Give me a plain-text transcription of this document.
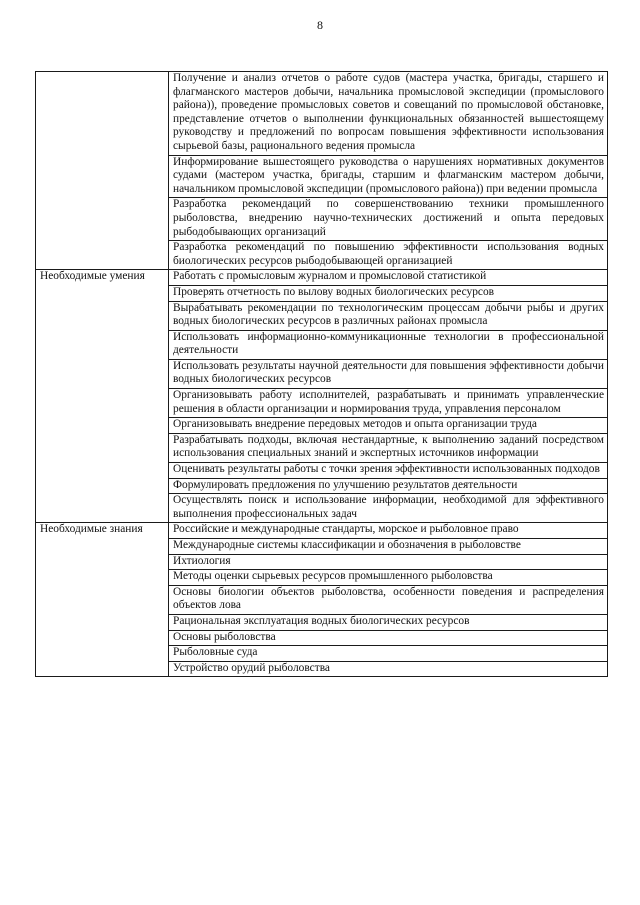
8
	Получение и анализ отчетов о работе судов (мастера участка, бригады, старшего и флагманского мастеров добычи, начальника промысловой экспедиции (промыслового района)), проведение промысловых советов и совещаний по промысловой обстановке, представление отчетов о выполнении функциональных обязанностей вышестоящему руководству и предложений по вопросам повышения эффективности использования сырьевой базы, рационального ведения промысла
	Информирование вышестоящего руководства о нарушениях нормативных документов судами (мастером участка, бригады, старшим и флагманским мастером добычи, начальником промысловой экспедиции (промыслового района)) при ведении промысла
	Разработка рекомендаций по совершенствованию техники промышленного рыболовства, внедрению научно-технических достижений и опыта передовых рыбодобывающих организаций
	Разработка рекомендаций по повышению эффективности использования водных биологических ресурсов рыбодобывающей организацией
Необходимые умения	Работать с промысловым журналом и промысловой статистикой
	Проверять отчетность по вылову водных биологических ресурсов
	Вырабатывать рекомендации по технологическим процессам добычи рыбы и других водных биологических ресурсов в различных районах промысла
	Использовать информационно-коммуникационные технологии в профессиональной деятельности
	Использовать результаты научной деятельности для повышения эффективности добычи водных биологических ресурсов
	Организовывать работу исполнителей, разрабатывать и принимать управленческие решения в области организации и нормирования труда, управления персоналом
	Организовывать внедрение передовых методов и опыта организации труда
	Разрабатывать подходы, включая нестандартные, к выполнению заданий посредством использования специальных знаний и экспертных источников информации
	Оценивать результаты работы с точки зрения эффективности использованных подходов
	Формулировать предложения по улучшению результатов деятельности
	Осуществлять поиск и использование информации, необходимой для эффективного выполнения профессиональных задач
Необходимые знания	Российские и международные стандарты, морское и рыболовное право
	Международные системы классификации и обозначения в рыболовстве
	Ихтиология
	Методы оценки сырьевых ресурсов промышленного рыболовства
	Основы биологии объектов рыболовства, особенности поведения и распределения объектов лова
	Рациональная эксплуатация водных биологических ресурсов
	Основы рыболовства
	Рыболовные суда
	Устройство орудий рыболовства
